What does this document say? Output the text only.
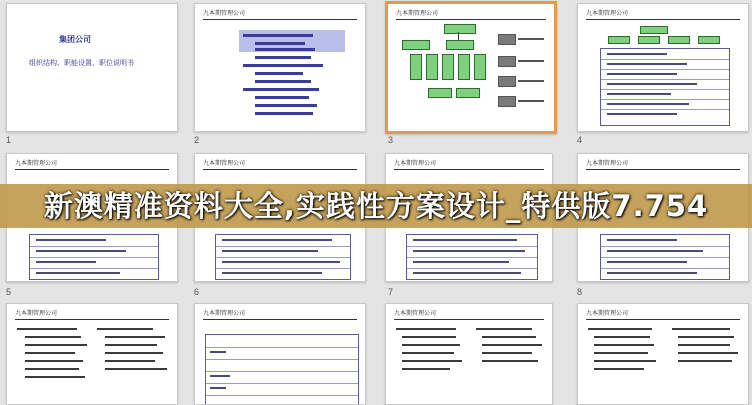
集团公司
组织结构、职能设置、职位说明书
1
九本期管理公司
2
九本期管理公司
3
九本期管理公司
4
九本期管理公司
5
九本期管理公司
6
九本期管理公司
7
九本期管理公司
8
九本期管理公司	九本期管理公司	九本期管理公司	九本期管理公司
新澳精准资料大全,实践性方案设计_特供版7.754
